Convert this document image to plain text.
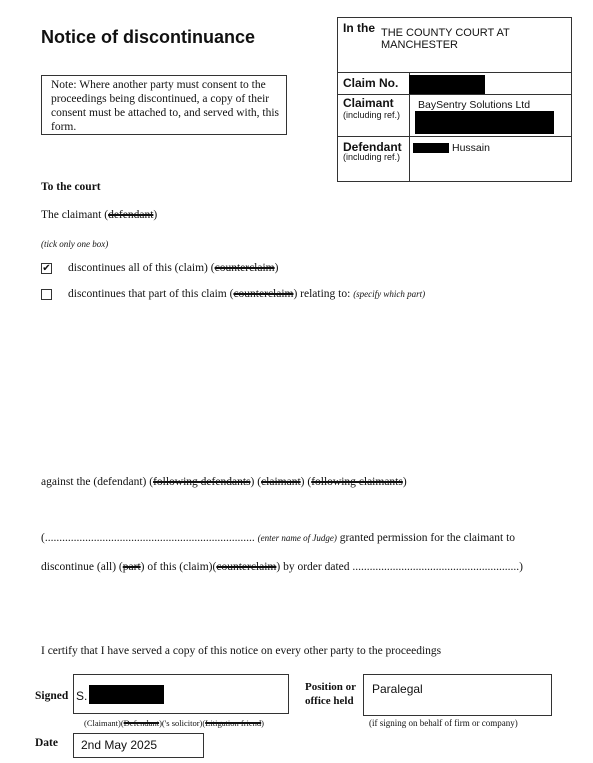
Notice of discontinuance
Note: Where another party must consent to the proceedings being discontinued, a copy of their consent must be attached to, and served with, this form.
In the THE COUNTY COURT AT
MANCHESTER
Claim No.
Claimant
(including ref.)
BaySentry Solutions Ltd
Defendant
(including ref.)
Hussain
To the court
The claimant (defendant)
(tick only one box)
✔ discontinues all of this (claim) (counterclaim)
discontinues that part of this claim (counterclaim) relating to: (specify which part)
against the (defendant) (following defendants) (claimant) (following claimants)
(......................................................................... (enter name of Judge) granted permission for the claimant to
discontinue (all) (part) of this (claim)(counterclaim) by order dated ..........................................................)
I certify that I have served a copy of this notice on every other party to the proceedings
Signed S.
(Claimant)(Defendant)('s solicitor)(Litigation friend)
Position or
office held
Paralegal
(if signing on behalf of firm or company)
Date 2nd May 2025
